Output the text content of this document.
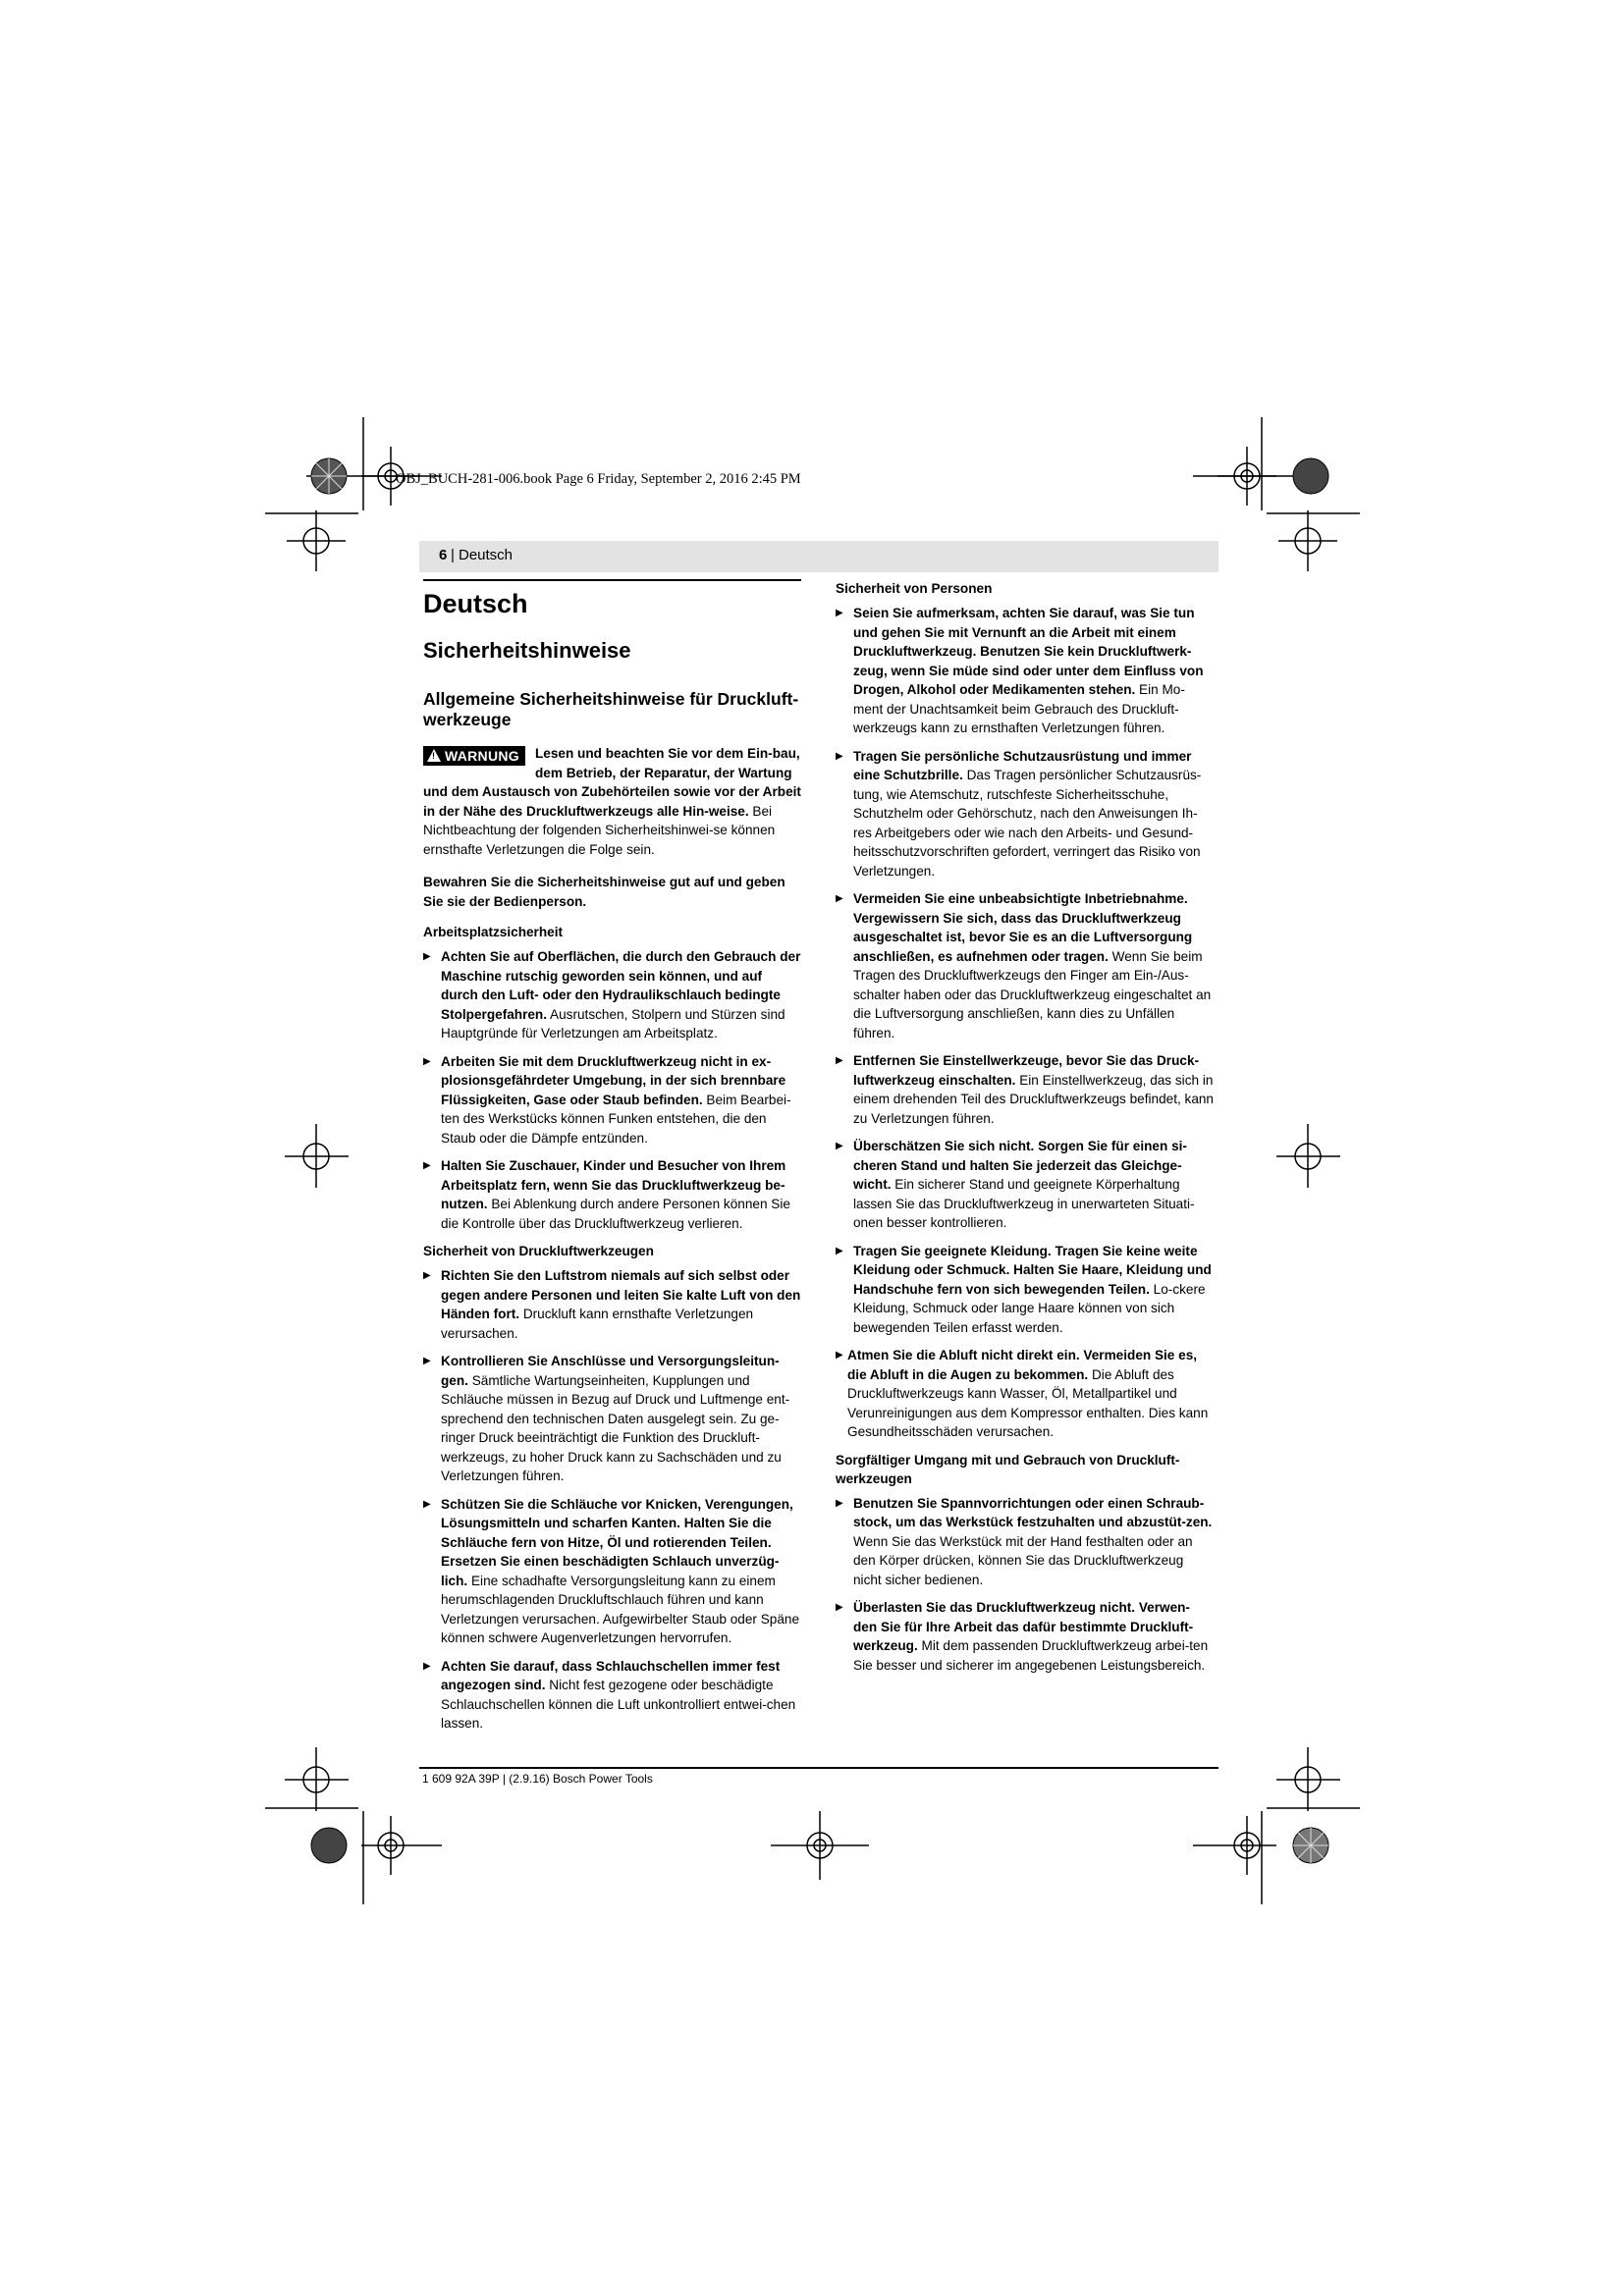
OBJ_BUCH-281-006.book Page 6 Friday, September 2, 2016 2:45 PM
6 | Deutsch
Deutsch
Sicherheitshinweise
Allgemeine Sicherheitshinweise für Druckluft-werkzeuge
! WARNUNG	Lesen und beachten Sie vor dem Ein-bau, dem Betrieb, der Reparatur, der Wartung und dem Austausch von Zubehörteilen sowie vor der Arbeit in der Nähe des Druckluftwerkzeugs alle Hin-weise. Bei Nichtbeachtung der folgenden Sicherheitshinwei-se können ernsthafte Verletzungen die Folge sein.

Bewahren Sie die Sicherheitshinweise gut auf und geben Sie sie der Bedienperson.

Arbeitsplatzsicherheit
▶ Achten Sie auf Oberflächen, die durch den Gebrauch der Maschine rutschig geworden sein können, und auf durch den Luft- oder den Hydraulikschlauch bedingte Stolpergefahren. Ausrutschen, Stolpern und Stürzen sind Hauptgründe für Verletzungen am Arbeitsplatz.
▶ Arbeiten Sie mit dem Druckluftwerkzeug nicht in ex-plosionsgefährdeter Umgebung, in der sich brennbare Flüssigkeiten, Gase oder Staub befinden. Beim Bearbei-ten des Werkstücks können Funken entstehen, die den Staub oder die Dämpfe entzünden.
▶ Halten Sie Zuschauer, Kinder und Besucher von Ihrem Arbeitsplatz fern, wenn Sie das Druckluftwerkzeug be-nutzen. Bei Ablenkung durch andere Personen können Sie die Kontrolle über das Druckluftwerkzeug verlieren.
Sicherheit von Druckluftwerkzeugen
▶ Richten Sie den Luftstrom niemals auf sich selbst oder gegen andere Personen und leiten Sie kalte Luft von den Händen fort. Druckluft kann ernsthafte Verletzungen verursachen.
▶ Kontrollieren Sie Anschlüsse und Versorgungsleitun-gen. Sämtliche Wartungseinheiten, Kupplungen und Schläuche müssen in Bezug auf Druck und Luftmenge ent-sprechend den technischen Daten ausgelegt sein. Zu ge-ringer Druck beeinträchtigt die Funktion des Druckluft-werkzeugs, zu hoher Druck kann zu Sachschäden und zu Verletzungen führen.
▶ Schützen Sie die Schläuche vor Knicken, Verengungen, Lösungsmitteln und scharfen Kanten. Halten Sie die Schläuche fern von Hitze, Öl und rotierenden Teilen. Ersetzen Sie einen beschädigten Schlauch unverzüg-lich. Eine schadhafte Versorgungsleitung kann zu einem herumschlagenden Druckluftschlauch führen und kann Verletzungen verursachen. Aufgewirbelter Staub oder Späne können schwere Augenverletzungen hervorrufen.
▶ Achten Sie darauf, dass Schlauchschellen immer fest angezogen sind. Nicht fest gezogene oder beschädigte Schlauchschellen können die Luft unkontrolliert entwei-chen lassen.
Sicherheit von Personen
▶ Seien Sie aufmerksam, achten Sie darauf, was Sie tun und gehen Sie mit Vernunft an die Arbeit mit einem Druckluftwerkzeug. Benutzen Sie kein Druckluftwerk-zeug, wenn Sie müde sind oder unter dem Einfluss von Drogen, Alkohol oder Medikamenten stehen. Ein Mo-ment der Unachtsamkeit beim Gebrauch des Druckluft-werkzeugs kann zu ernsthaften Verletzungen führen.
▶ Tragen Sie persönliche Schutzausrüstung und immer eine Schutzbrille. Das Tragen persönlicher Schutzausrüs-tung, wie Atemschutz, rutschfeste Sicherheitsschuhe, Schutzhelm oder Gehörschutz, nach den Anweisungen Ih-res Arbeitgebers oder wie nach den Arbeits- und Gesund-heitsschutzvorschriften gefordert, verringert das Risiko von Verletzungen.
▶ Vermeiden Sie eine unbeabsichtigte Inbetriebnahme. Vergewissern Sie sich, dass das Druckluftwerkzeug ausgeschaltet ist, bevor Sie es an die Luftversorgung anschließen, es aufnehmen oder tragen. Wenn Sie beim Tragen des Druckluftwerkzeugs den Finger am Ein-/Aus-schalter haben oder das Druckluftwerkzeug eingeschaltet an die Luftversorgung anschließen, kann dies zu Unfällen führen.
▶ Entfernen Sie Einstellwerkzeuge, bevor Sie das Druck-luftwerkzeug einschalten. Ein Einstellwerkzeug, das sich in einem drehenden Teil des Druckluftwerkzeugs befindet, kann zu Verletzungen führen.
▶ Überschätzen Sie sich nicht. Sorgen Sie für einen si-cheren Stand und halten Sie jederzeit das Gleichge-wicht. Ein sicherer Stand und geeignete Körperhaltung lassen Sie das Druckluftwerkzeug in unerwarteten Situati-onen besser kontrollieren.
▶ Tragen Sie geeignete Kleidung. Tragen Sie keine weite Kleidung oder Schmuck. Halten Sie Haare, Kleidung und Handschuhe fern von sich bewegenden Teilen. Lo-ckere Kleidung, Schmuck oder lange Haare können von sich bewegenden Teilen erfasst werden.
▶ Atmen Sie die Abluft nicht direkt ein. Vermeiden Sie es, die Abluft in die Augen zu bekommen. Die Abluft des Druckluftwerkzeugs kann Wasser, Öl, Metallpartikel und Verunreinigungen aus dem Kompressor enthalten. Dies kann Gesundheitsschäden verursachen.
Sorgfältiger Umgang mit und Gebrauch von Druckluft-werkzeugen
▶ Benutzen Sie Spannvorrichtungen oder einen Schraub-stock, um das Werkstück festzuhalten und abzustüt-zen. Wenn Sie das Werkstück mit der Hand festhalten oder an den Körper drücken, können Sie das Druckluftwerkzeug nicht sicher bedienen.
▶ Überlasten Sie das Druckluftwerkzeug nicht. Verwen-den Sie für Ihre Arbeit das dafür bestimmte Druckluft-werkzeug. Mit dem passenden Druckluftwerkzeug arbei-ten Sie besser und sicherer im angegebenen Leistungsbereich.
1 609 92A 39P | (2.9.16) Bosch Power Tools
